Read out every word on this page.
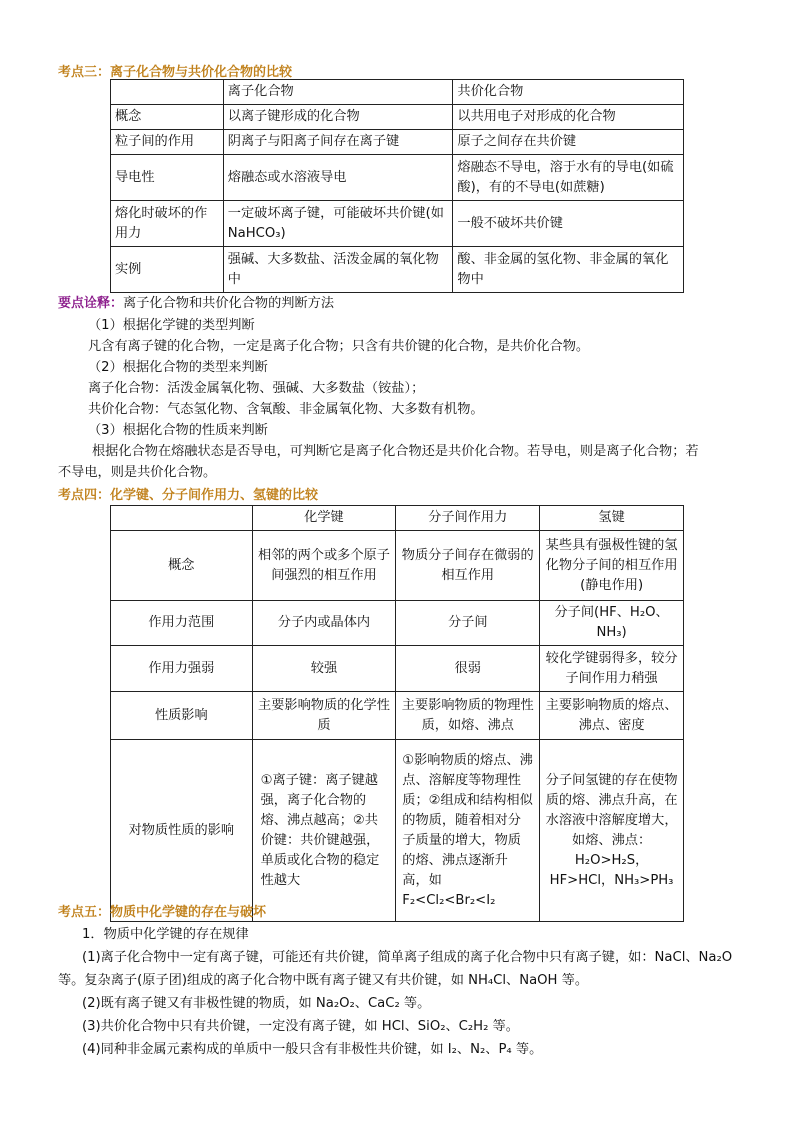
考点三：离子化合物与共价化合物的比较
	离子化合物	共价化合物
概念	以离子键形成的化合物	以共用电子对形成的化合物
粒子间的作用	阴离子与阳离子间存在离子键	原子之间存在共价键
导电性	熔融态或水溶液导电	熔融态不导电，溶于水有的导电(如硫酸)，有的不导电(如蔗糖)
熔化时破坏的作用力	一定破坏离子键，可能破坏共价键(如NaHCO₃)	一般不破坏共价键
实例	强碱、大多数盐、活泼金属的氧化物中	酸、非金属的氢化物、非金属的氧化物中
要点诠释：离子化合物和共价化合物的判断方法
（1）根据化学键的类型判断
凡含有离子键的化合物，一定是离子化合物；只含有共价键的化合物，是共价化合物。
（2）根据化合物的类型来判断
离子化合物：活泼金属氧化物、强碱、大多数盐（铵盐）；
共价化合物：气态氢化物、含氧酸、非金属氧化物、大多数有机物。
（3）根据化合物的性质来判断
根据化合物在熔融状态是否导电，可判断它是离子化合物还是共价化合物。若导电，则是离子化合物；若
不导电，则是共价化合物。
考点四：化学键、分子间作用力、氢键的比较
	化学键	分子间作用力	氢键
概念	相邻的两个或多个原子间强烈的相互作用	物质分子间存在微弱的相互作用	某些具有强极性键的氢化物分子间的相互作用(静电作用)
作用力范围	分子内或晶体内	分子间	分子间(HF、H₂O、NH₃)
作用力强弱	较强	很弱	较化学键弱得多，较分子间作用力稍强
性质影响	主要影响物质的化学性质	主要影响物质的物理性质，如熔、沸点	主要影响物质的熔点、沸点、密度
对物质性质的影响	①离子键：离子键越强，离子化合物的熔、沸点越高；②共价键：共价键越强，单质或化合物的稳定性越大	①影响物质的熔点、沸点、溶解度等物理性质；②组成和结构相似的物质，随着相对分子质量的增大，物质的熔、沸点逐渐升高，如F₂<Cl₂<Br₂<I₂	分子间氢键的存在使物质的熔、沸点升高，在水溶液中溶解度增大，如熔、沸点：H₂O>H₂S，HF>HCl，NH₃>PH₃
考点五：物质中化学键的存在与破坏
1．物质中化学键的存在规律
(1)离子化合物中一定有离子键，可能还有共价键，简单离子组成的离子化合物中只有离子键，如：NaCl、Na₂O
等。复杂离子(原子团)组成的离子化合物中既有离子键又有共价键，如 NH₄Cl、NaOH 等。
(2)既有离子键又有非极性键的物质，如 Na₂O₂、CaC₂ 等。
(3)共价化合物中只有共价键，一定没有离子键，如 HCl、SiO₂、C₂H₂ 等。
(4)同种非金属元素构成的单质中一般只含有非极性共价键，如 I₂、N₂、P₄ 等。
